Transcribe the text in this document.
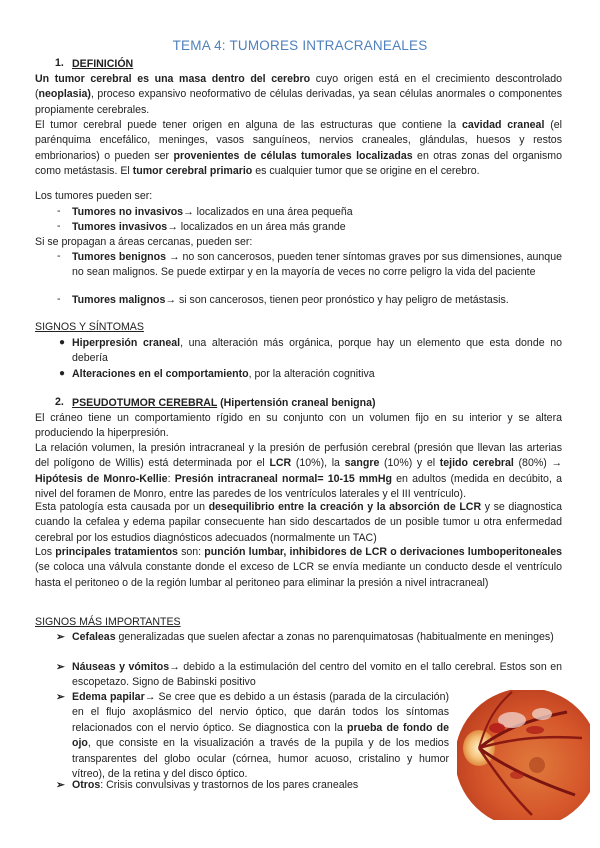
TEMA 4: TUMORES INTRACRANEALES
1. DEFINICIÓN

Un tumor cerebral es una masa dentro del cerebro cuyo origen está en el crecimiento descontrolado (neoplasia), proceso expansivo neoformativo de células derivadas, ya sean células anormales o componentes propiamente cerebrales.

El tumor cerebral puede tener origen en alguna de las estructuras que contiene la cavidad craneal (el parénquima encefálico, meninges, vasos sanguíneos, nervios craneales, glándulas, huesos y restos embrionarios) o pueden ser provenientes de células tumorales localizadas en otras zonas del organismo como metástasis. El tumor cerebral primario es cualquier tumor que se origine en el cerebro.

Los tumores pueden ser:

- Tumores no invasivos→ localizados en una área pequeña
- Tumores invasivos→ localizados en un área más grande

Si se propagan a áreas cercanas, pueden ser:

- Tumores benignos → no son cancerosos, pueden tener síntomas graves por sus dimensiones, aunque no sean malignos. Se puede extirpar y en la mayoría de veces no corre peligro la vida del paciente
- Tumores malignos→ si son cancerosos, tienen peor pronóstico y hay peligro de metástasis.
SIGNOS Y SÍNTOMAS
● Hiperpresión craneal, una alteración más orgánica, porque hay un elemento que esta donde no debería
● Alteraciones en el comportamiento, por la alteración cognitiva
2. PSEUDOTUMOR CEREBRAL (Hipertensión craneal benigna)

El cráneo tiene un comportamiento rígido en su conjunto con un volumen fijo en su interior y se altera produciendo la hiperpresión.

La relación volumen, la presión intracraneal y la presión de perfusión cerebral (presión que llevan las arterias del polígono de Willis) está determinada por el LCR (10%), la sangre (10%) y el tejido cerebral (80%) → Hipótesis de Monro-Kellie: Presión intracraneal normal= 10-15 mmHg en adultos (medida en decúbito, a nivel del foramen de Monro, entre las paredes de los ventrículos laterales y el III ventrículo).

Esta patología esta causada por un desequilibrio entre la creación y la absorción de LCR y se diagnostica cuando la cefalea y edema papilar consecuente han sido descartados de un posible tumor u otra enfermedad cerebral por los estudios diagnósticos adecuados (normalmente un TAC)

Los principales tratamientos son: punción lumbar, inhibidores de LCR o derivaciones lumboperitoneales (se coloca una válvula constante donde el exceso de LCR se envía mediante un conducto desde el ventrículo hasta el peritoneo o de la región lumbar al peritoneo para eliminar la presión a nivel intracraneal)

SIGNOS MÁS IMPORTANTES
➢ Cefaleas generalizadas que suelen afectar a zonas no parenquimatosas (habitualmente en meninges)
➢ Náuseas y vómitos→ debido a la estimulación del centro del vomito en el tallo cerebral. Estos son en escopetazo. Signo de Babinski positivo
➢ Edema papilar→ Se cree que es debido a un éstasis (parada de la circulación) en el flujo axoplásmico del nervio óptico, que darán todos los síntomas relacionados con el nervio óptico. Se diagnostica con la prueba de fondo de ojo, que consiste en la visualización a través de la pupila y de los medios transparentes del globo ocular (córnea, humor acuoso, cristalino y humor vítreo), de la retina y del disco óptico.
➢ Otros: Crisis convulsivas y trastornos de los pares craneales
